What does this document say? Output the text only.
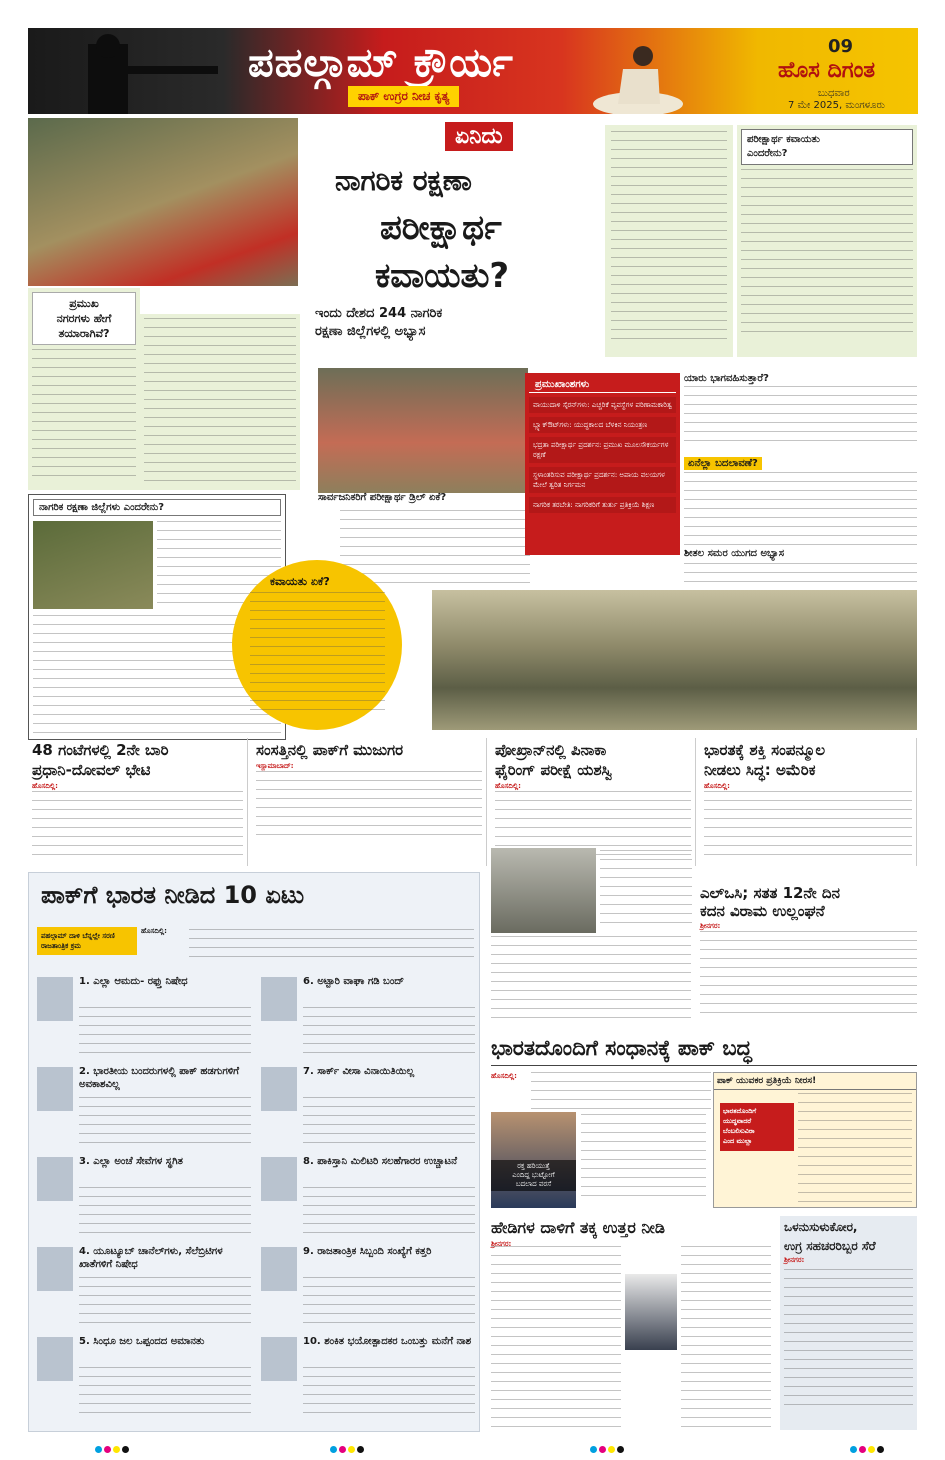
ಪಹಲ್ಗಾಮ್ ಕ್ರೌರ್ಯ
ಪಾಕ್ ಉಗ್ರರ ನೀಚ ಕೃತ್ಯ
09
ಹೊಸ ದಿಗಂತ
ಬುಧವಾರ
7 ಮೇ 2025, ಮಂಗಳೂರು
ಪ್ರಮುಖ
ನಗರಗಳು ಹೇಗೆ
ತಯಾರಾಗಿವೆ?
ಏನಿದು
ನಾಗರಿಕ ರಕ್ಷಣಾ
ಪರೀಕ್ಷಾರ್ಥ
ಕವಾಯತು?
ಇಂದು ದೇಶದ 244 ನಾಗರಿಕ
ರಕ್ಷಣಾ ಜಿಲ್ಲೆಗಳಲ್ಲಿ ಅಭ್ಯಾಸ
ಪರೀಕ್ಷಾರ್ಥ ಕವಾಯತು
ಎಂದರೇನು?
ಸಾರ್ವಜನಿಕರಿಗೆ ಪರೀಕ್ಷಾರ್ಥ ಡ್ರಿಲ್ ಏಕೆ?
ನಾಗರಿಕ ರಕ್ಷಣಾ ಜಿಲ್ಲೆಗಳು ಎಂದರೇನು?
ಕವಾಯತು ಏಕೆ?
ಪ್ರಮುಖಾಂಶಗಳು
ವಾಯುದಾಳಿ ಸೈರನ್‌ಗಳು: ಎಚ್ಚರಿಕೆ ವ್ಯವಸ್ಥೆಗಳ ಪರಿಣಾಮಕಾರಿತ್ವ
ಬ್ಲ್ಯಾಕ್‌ಔಟ್‌ಗಳು: ಯುದ್ಧಕಾಲದ ಬೆಳಕಿನ ನಿಯಂತ್ರಣ
ಭದ್ರತಾ ಪರೀಕ್ಷಾರ್ಥ ಪ್ರದರ್ಶನ: ಪ್ರಮುಖ ಮೂಲಸೌಕರ್ಯಗಳ ರಕ್ಷಣೆ
ಸ್ಥಳಾಂತರಿಸುವ ಪರೀಕ್ಷಾರ್ಥ ಪ್ರದರ್ಶನ: ಅಪಾಯ ವಲಯಗಳ ಮೇಲೆ ತ್ವರಿತ ನಿರ್ಗಮನ
ನಾಗರಿಕ ತರಬೇತಿ: ನಾಗರಿಕರಿಗೆ ತುರ್ತು ಪ್ರತಿಕ್ರಿಯೆ ಶಿಕ್ಷಣ
ಯಾರು ಭಾಗವಹಿಸುತ್ತಾರೆ?
ಏನೆಲ್ಲಾ ಬದಲಾವಣೆ?
ಶೀತಲ ಸಮರ ಯುಗದ ಅಭ್ಯಾಸ
48 ಗಂಟೆಗಳಲ್ಲಿ 2ನೇ ಬಾರಿ
ಪ್ರಧಾನಿ-ದೋವಲ್ ಭೇಟಿ
ಹೊಸದಿಲ್ಲಿ:
ಸಂಸತ್ತಿನಲ್ಲಿ ಪಾಕ್‌ಗೆ ಮುಜುಗರ
ಇಸ್ಲಾಮಾಬಾದ್:
ಪೋಖ್ರಾನ್‌ನಲ್ಲಿ ಪಿನಾಕಾ
ಫೈರಿಂಗ್ ಪರೀಕ್ಷೆ ಯಶಸ್ವಿ
ಹೊಸದಿಲ್ಲಿ:
ಭಾರತಕ್ಕೆ ಶಕ್ತಿ ಸಂಪನ್ಮೂಲ
ನೀಡಲು ಸಿದ್ಧ: ಅಮೆರಿಕ
ಹೊಸದಿಲ್ಲಿ:
ಪಾಕ್‌ಗೆ ಭಾರತ ನೀಡಿದ 10 ಏಟು
ಪಹಲ್ಗಾಮ್ ದಾಳಿ ಬೆನ್ನಲ್ಲೇ ಸರಣಿ ರಾಜತಾಂತ್ರಿಕ ಕ್ರಮ
ಹೊಸದಿಲ್ಲಿ:
1. ಎಲ್ಲಾ ಆಮದು- ರಫ್ತು ನಿಷೇಧ
2. ಭಾರತೀಯ ಬಂದರುಗಳಲ್ಲಿ ಪಾಕ್ ಹಡಗುಗಳಿಗೆ ಅವಕಾಶವಿಲ್ಲ
3. ಎಲ್ಲಾ ಅಂಚೆ ಸೇವೆಗಳ ಸ್ಥಗಿತ
4. ಯೂಟ್ಯೂಬ್ ಚಾನೆಲ್‌ಗಳು, ಸೆಲೆಬ್ರಿಟಿಗಳ ಖಾತೆಗಳಿಗೆ ನಿಷೇಧ
5. ಸಿಂಧೂ ಜಲ ಒಪ್ಪಂದದ ಅಮಾನತು
6. ಅಟ್ಟಾರಿ ವಾಘಾ ಗಡಿ ಬಂದ್
7. ಸಾರ್ಕ್ ವೀಸಾ ವಿನಾಯಿತಿಯಿಲ್ಲ
8. ಪಾಕಿಸ್ತಾನಿ ಮಿಲಿಟರಿ ಸಲಹೆಗಾರರ ಉಚ್ಚಾಟನೆ
9. ರಾಜತಾಂತ್ರಿಕ ಸಿಬ್ಬಂದಿ ಸಂಖ್ಯೆಗೆ ಕತ್ತರಿ
10. ಶಂಕಿತ ಭಯೋತ್ಪಾದಕರ ಒಂಬತ್ತು ಮನೆಗೆ ನಾಶ
ಎಲ್‌ಒಸಿ; ಸತತ 12ನೇ ದಿನ
ಕದನ ವಿರಾಮ ಉಲ್ಲಂಘನೆ
ಶ್ರೀನಗರ:
ಭಾರತದೊಂದಿಗೆ ಸಂಧಾನಕ್ಕೆ ಪಾಕ್ ಬದ್ಧ
ಹೊಸದಿಲ್ಲಿ:
ರಕ್ತ ಹರಿಯುತ್ತೆ
ಎಂದಿದ್ದ ಭುಟ್ಟೋಗೆ
ಬದಲಾದ ವರಸೆ
ಪಾಕ್ ಯುವಕರ ಪ್ರತಿಕ್ರಿಯೆ ನೀರಸ!
ಭಾರತದೊಂದಿಗೆ
ಯುದ್ಧವಾದರೆ
ಬೆಂಬಲಿಸುವಿರಾ
ಎಂದ ಮುಲ್ಲಾ
ಹೇಡಿಗಳ ದಾಳಿಗೆ ತಕ್ಕ ಉತ್ತರ ನೀಡಿ
ಶ್ರೀನಗರ:
ಒಳನುಸುಳುಕೋರ,
ಉಗ್ರ ಸಹಚರರಿಬ್ಬರ ಸೆರೆ
ಶ್ರೀನಗರ:
